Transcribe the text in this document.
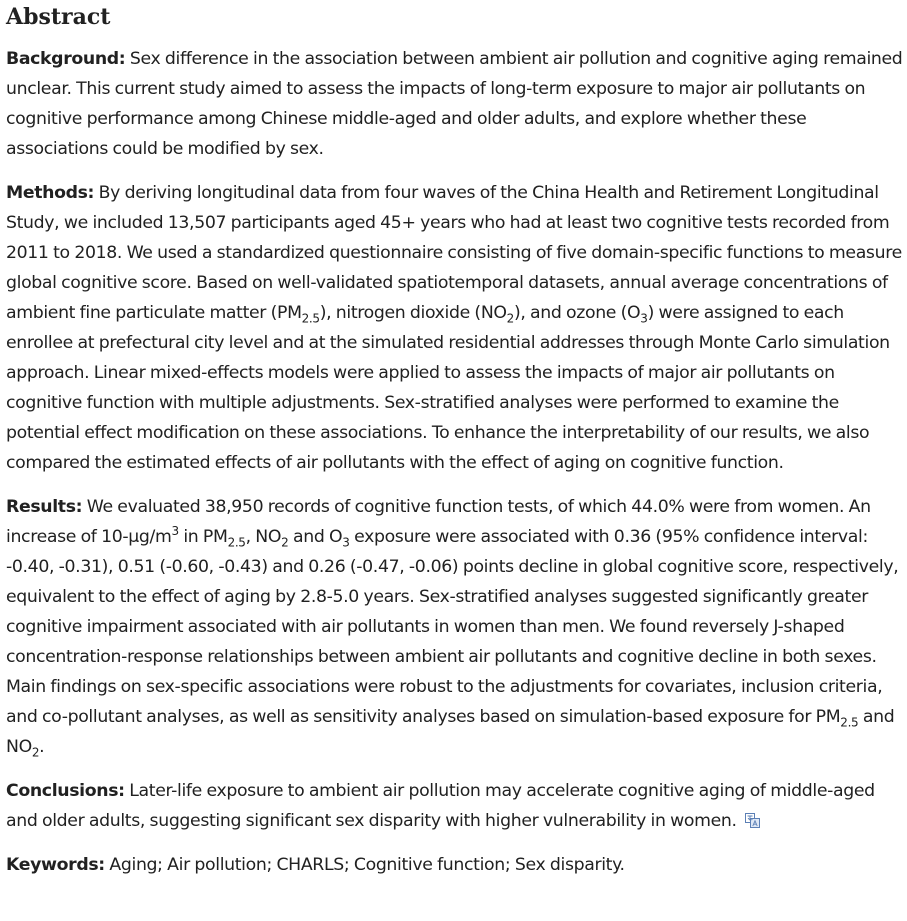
Abstract

Background: Sex difference in the association between ambient air pollution and cognitive aging remained unclear. This current study aimed to assess the impacts of long-term exposure to major air pollutants on cognitive performance among Chinese middle-aged and older adults, and explore whether these associations could be modified by sex.

Methods: By deriving longitudinal data from four waves of the China Health and Retirement Longitudinal Study, we included 13,507 participants aged 45+ years who had at least two cognitive tests recorded from 2011 to 2018. We used a standardized questionnaire consisting of five domain-specific functions to measure global cognitive score. Based on well-validated spatiotemporal datasets, annual average concentrations of ambient fine particulate matter $(PM_{2.5})$, nitrogen dioxide $(NO_2)$, and ozone $(O_3)$ were assigned to each enrollee at prefectural city level and at the simulated residential addresses through Monte Carlo simulation approach. Linear mixed-effects models were applied to assess the impacts of major air pollutants on cognitive function with multiple adjustments. Sex-stratified analyses were performed to examine the potential effect modification on these associations. To enhance the interpretability of our results, we also compared the estimated effects of air pollutants with the effect of aging on cognitive function.

Results: We evaluated 38,950 records of cognitive function tests, of which 44.0% were from women. An increase of $10-\mu g/m^3$ in $PM_{2.5}$, $NO_2$ and $O_3$ exposure were associated with 0.36 (95% confidence interval: -0.40, -0.31), 0.51 (-0.60, -0.43) and 0.26 (-0.47, -0.06) points decline in global cognitive score, respectively, equivalent to the effect of aging by 2.8-5.0 years. Sex-stratified analyses suggested significantly greater cognitive impairment associated with air pollutants in women than men. We found reversely J-shaped concentration-response relationships between ambient air pollutants and cognitive decline in both sexes. Main findings on sex-specific associations were robust to the adjustments for covariates, inclusion criteria, and co-pollutant analyses, as well as sensitivity analyses based on simulation-based exposure for $PM_{2.5}$ and $NO_2$.

Conclusions: Later-life exposure to ambient air pollution may accelerate cognitive aging of middle-aged and older adults, suggesting significant sex disparity with higher vulnerability in women.

Keywords: Aging; Air pollution; CHARLS; Cognitive function; Sex disparity.
